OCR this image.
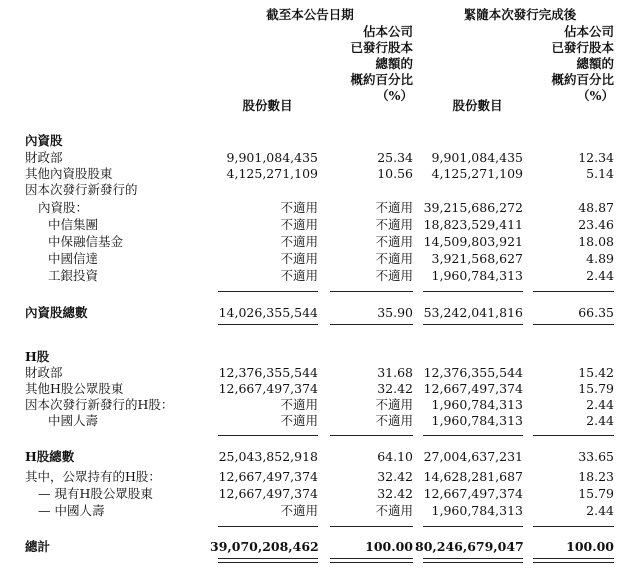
截至本公告日期	緊隨本次發行完成後
佔本公司
已發行股本
總額的
概約百分比
（%）
佔本公司
已發行股本
總額的
概約百分比
（%）
股份數目	股份數目
內資股
財政部	9,901,084,435	25.34	9,901,084,435	12.34
其他內資股股東	4,125,271,109	10.56	4,125,271,109	5.14
因本次發行新發行的
內資股：	不適用	不適用 39,215,686,272	48.87
中信集團	不適用	不適用 18,823,529,411	23.46
中保融信基金	不適用	不適用 14,509,803,921	18.08
中國信達	不適用	不適用	3,921,568,627	4.89
工銀投資	不適用	不適用	1,960,784,313	2.44
內資股總數	14,026,355,544	35.90 53,242,041,816	66.35
H股
財政部	12,376,355,544	31.68 12,376,355,544	15.42
其他H股公眾股東	12,667,497,374	32.42 12,667,497,374	15.79
因本次發行新發行的H股：	不適用	不適用	1,960,784,313	2.44
中國人壽	不適用	不適用	1,960,784,313	2.44
H股總數	25,043,852,918	64.10 27,004,637,231	33.65
其中，公眾持有的H股：	12,667,497,374	32.42 14,628,281,687	18.23
— 現有H股公眾股東	12,667,497,374	32.42 12,667,497,374	15.79
— 中國人壽	不適用	不適用	1,960,784,313	2.44
總計	39,070,208,462	100.00 80,246,679,047	100.00
